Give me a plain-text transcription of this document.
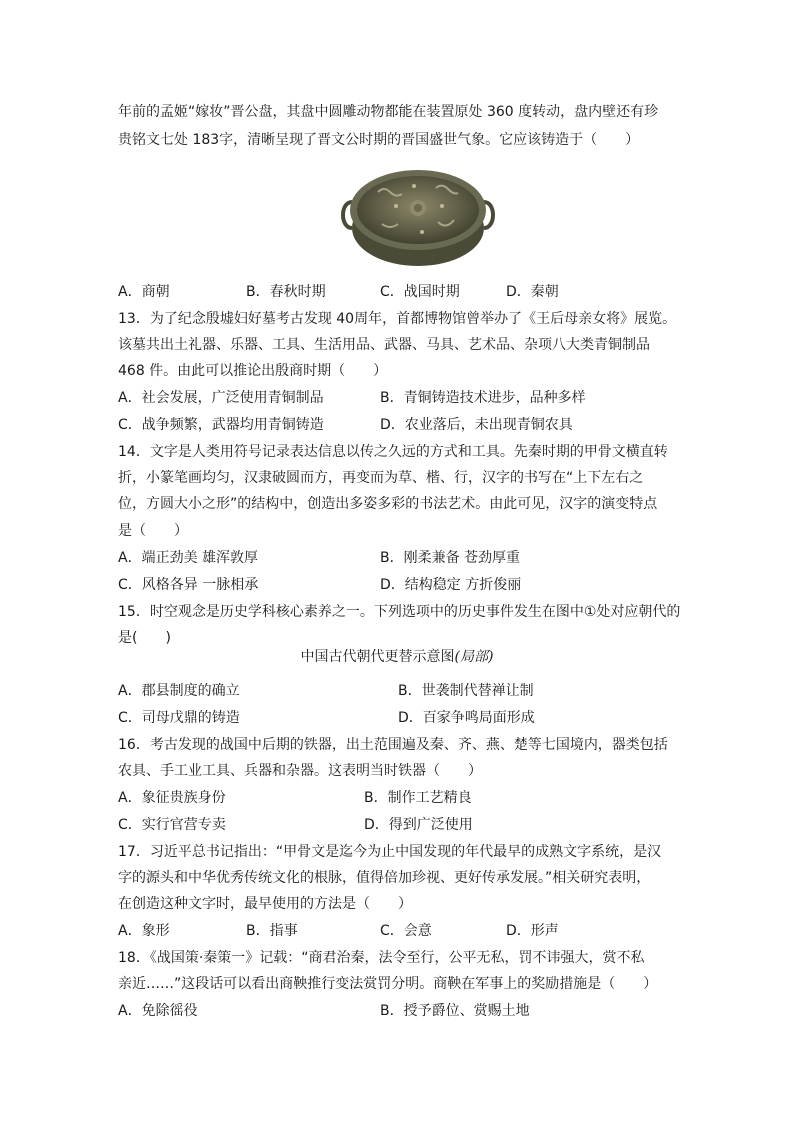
年前的孟姬“嫁妆”晋公盘，其盘中圆雕动物都能在装置原处 360 度转动，盘内壁还有珍
贵铭文七处 183字，清晰呈现了晋文公时期的晋国盛世气象。它应该铸造于（　　）
A．商朝	B．春秋时期	C．战国时期	D．秦朝
13．为了纪念殷墟妇好墓考古发现 40周年，首都博物馆曾举办了《王后母亲女将》展览。
该墓共出土礼器、乐器、工具、生活用品、武器、马具、艺术品、杂项八大类青铜制品
468 件。由此可以推论出殷商时期（　　）
A．社会发展，广泛使用青铜制品	B．青铜铸造技术进步，品种多样
C．战争频繁，武器均用青铜铸造	D．农业落后，未出现青铜农具
14．文字是人类用符号记录表达信息以传之久远的方式和工具。先秦时期的甲骨文横直转
折，小篆笔画均匀，汉隶破圆而方，再变而为草、楷、行，汉字的书写在“上下左右之
位，方圆大小之形”的结构中，创造出多姿多彩的书法艺术。由此可见，汉字的演变特点
是（　　）
A．端正劲美 雄浑敦厚	B．刚柔兼备 苍劲厚重
C．风格各异 一脉相承	D．结构稳定 方折俊丽
15．时空观念是历史学科核心素养之一。下列选项中的历史事件发生在图中①处对应朝代的
是(　　)
中国古代朝代更替示意图(局部)
A．郡县制度的确立	B．世袭制代替禅让制
C．司母戊鼎的铸造	D．百家争鸣局面形成
16．考古发现的战国中后期的铁器，出土范围遍及秦、齐、燕、楚等七国境内，器类包括
农具、手工业工具、兵器和杂器。这表明当时铁器（　　）
A．象征贵族身份	B．制作工艺精良
C．实行官营专卖	D．得到广泛使用
17．习近平总书记指出：“甲骨文是迄今为止中国发现的年代最早的成熟文字系统，是汉
字的源头和中华优秀传统文化的根脉，值得倍加珍视、更好传承发展。”相关研究表明，
在创造这种文字时，最早使用的方法是（　　）
A．象形	B．指事	C．会意	D．形声
18．《战国策·秦策一》记载：“商君治秦，法令至行，公平无私，罚不讳强大，赏不私
亲近……”这段话可以看出商鞅推行变法赏罚分明。商鞅在军事上的奖励措施是（　　）
A．免除徭役	B．授予爵位、赏赐土地
